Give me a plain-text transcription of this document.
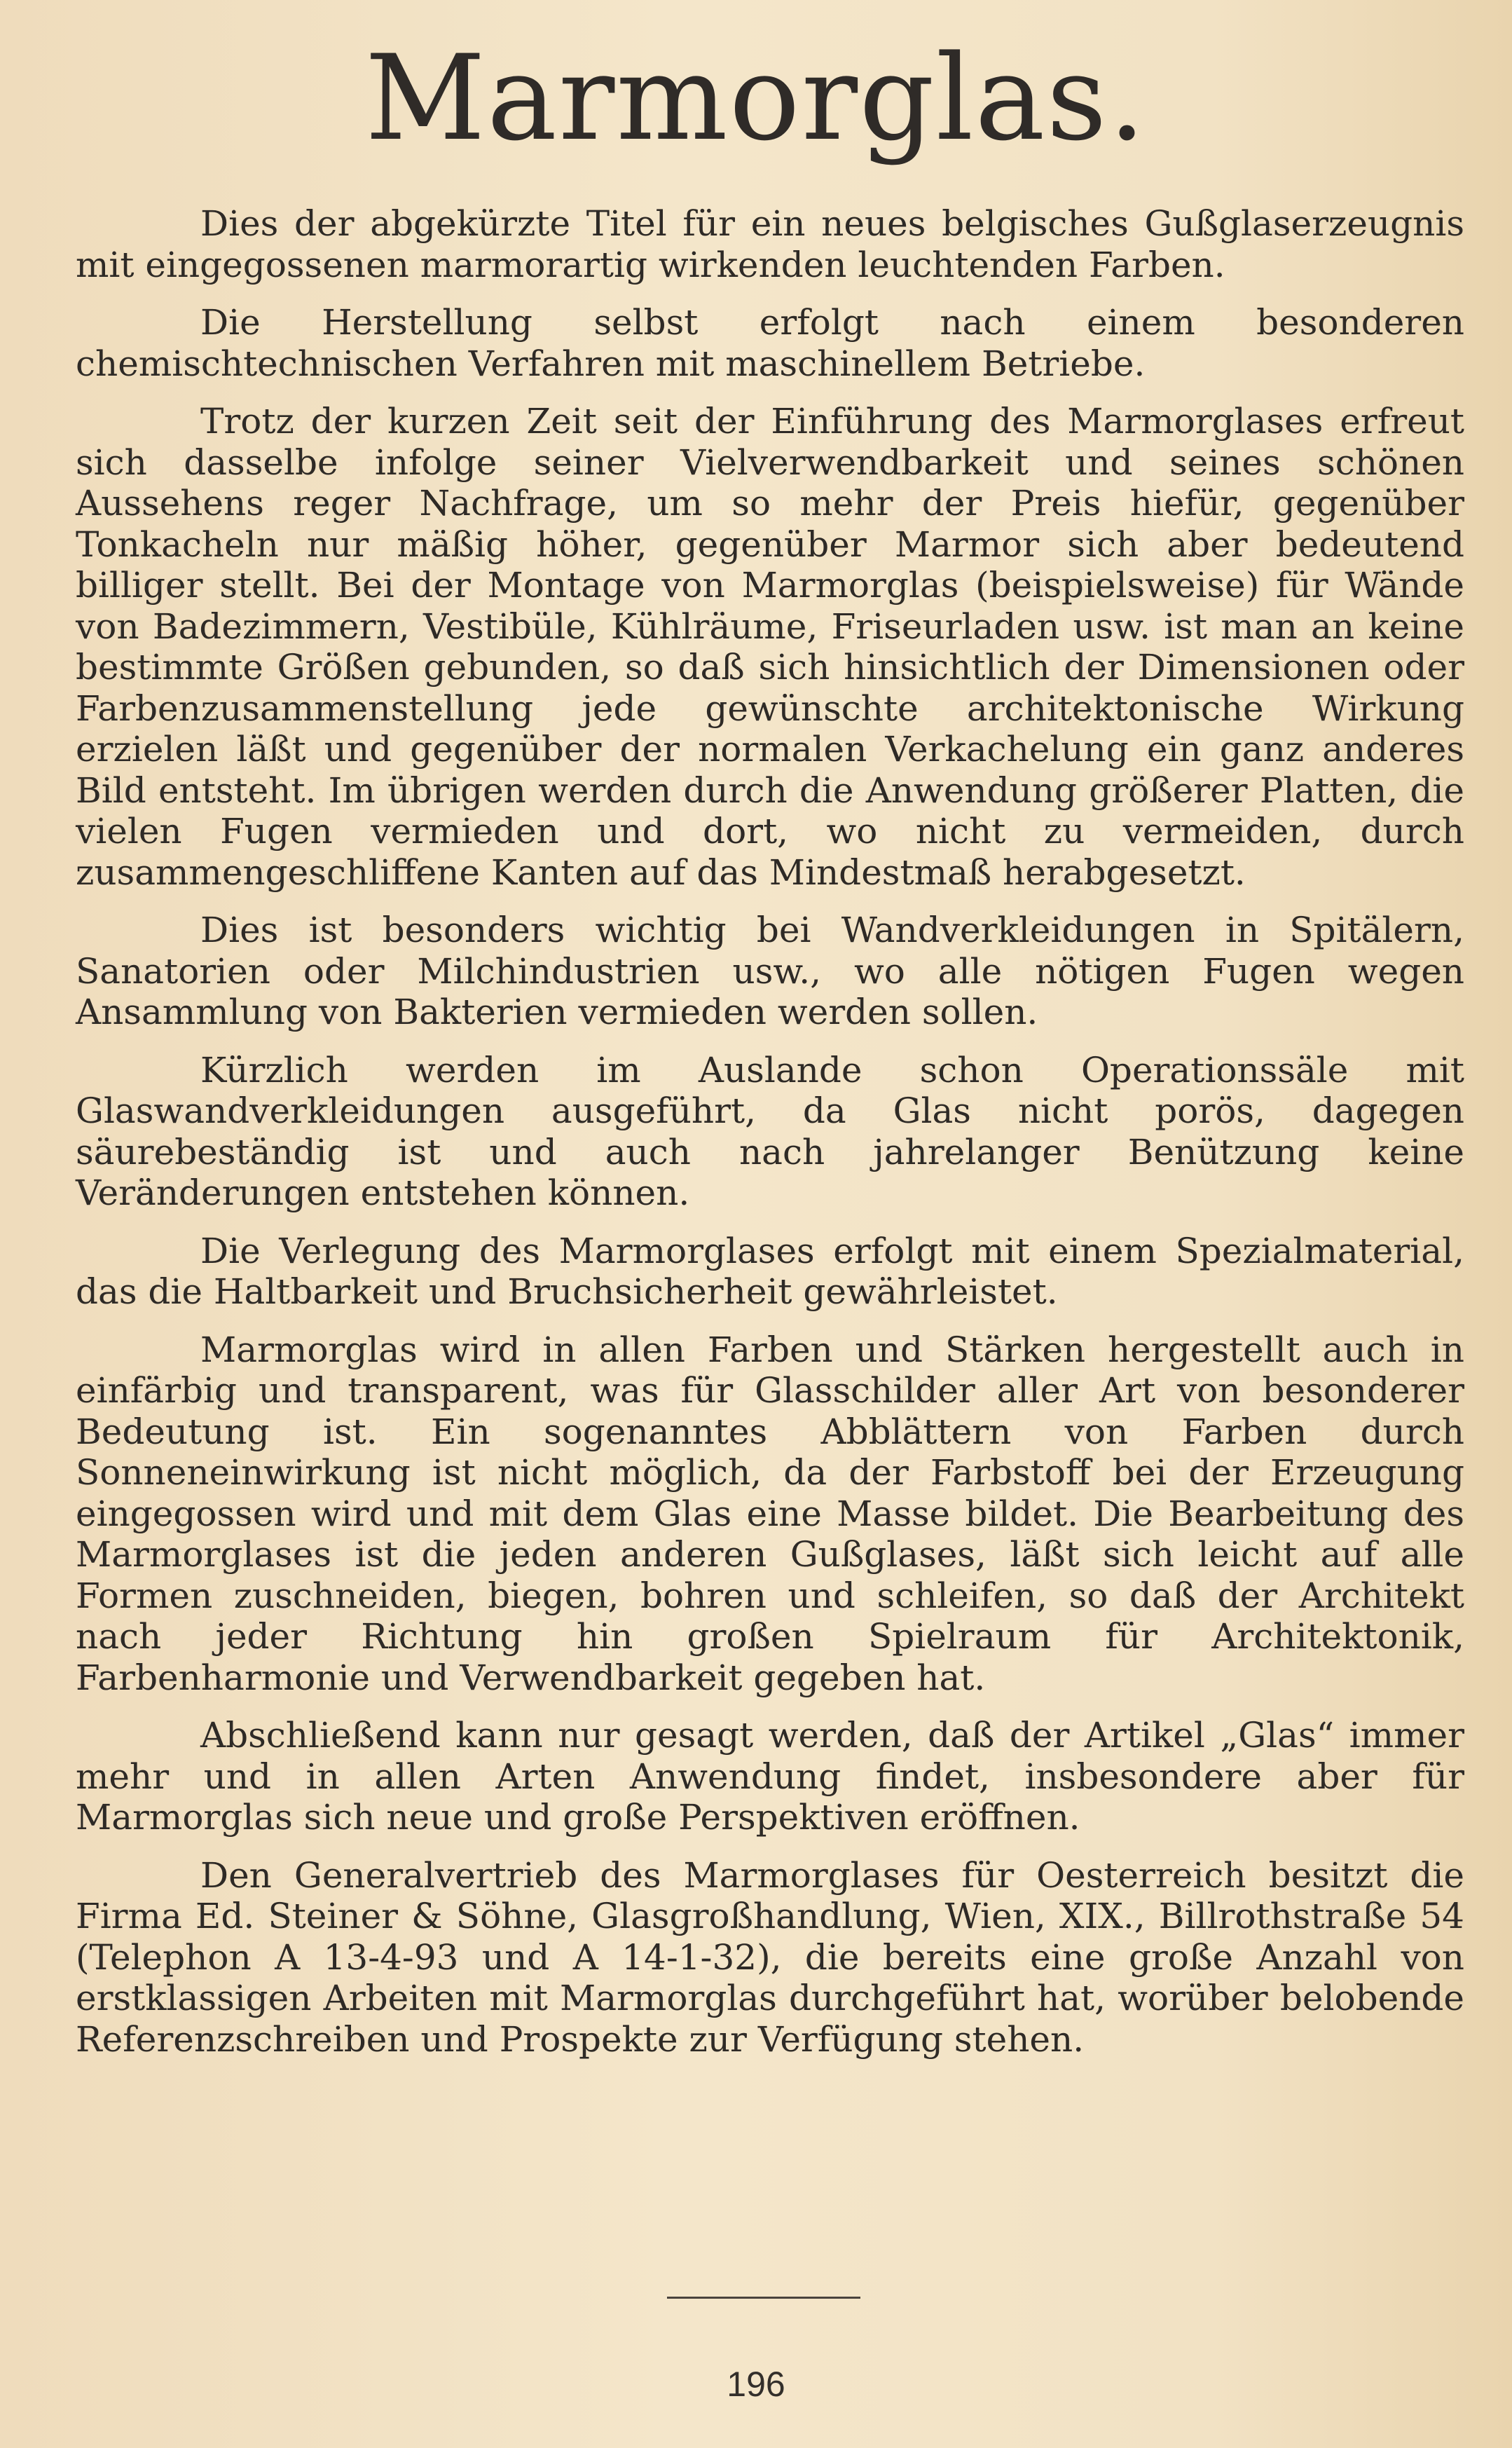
Marmorglas.

Dies der abgekürzte Titel für ein neues belgisches Gußglaserzeugnis mit eingegossenen marmorartig wirkenden leuchtenden Farben.

Die Herstellung selbst erfolgt nach einem besonderen chemischtechnischen Verfahren mit maschinellem Betriebe.

Trotz der kurzen Zeit seit der Einführung des Marmorglases erfreut sich dasselbe infolge seiner Vielverwendbarkeit und seines schönen Aussehens reger Nachfrage, um so mehr der Preis hiefür, gegenüber Tonkacheln nur mäßig höher, gegenüber Marmor sich aber bedeutend billiger stellt. Bei der Montage von Marmorglas (beispielsweise) für Wände von Badezimmern, Vestibüle, Kühlräume, Friseurladen usw. ist man an keine bestimmte Größen gebunden, so daß sich hinsichtlich der Dimensionen oder Farbenzusammenstellung jede gewünschte architektonische Wirkung erzielen läßt und gegenüber der normalen Verkachelung ein ganz anderes Bild entsteht. Im übrigen werden durch die Anwendung größerer Platten, die vielen Fugen vermieden und dort, wo nicht zu vermeiden, durch zusammengeschliffene Kanten auf das Mindestmaß herabgesetzt.

Dies ist besonders wichtig bei Wandverkleidungen in Spitälern, Sanatorien oder Milchindustrien usw., wo alle nötigen Fugen wegen Ansammlung von Bakterien vermieden werden sollen.

Kürzlich werden im Auslande schon Operationssäle mit Glaswandverkleidungen ausgeführt, da Glas nicht porös, dagegen säurebeständig ist und auch nach jahrelanger Benützung keine Veränderungen entstehen können.

Die Verlegung des Marmorglases erfolgt mit einem Spezialmaterial, das die Haltbarkeit und Bruchsicherheit gewährleistet.

Marmorglas wird in allen Farben und Stärken hergestellt auch in einfärbig und transparent, was für Glasschilder aller Art von besonderer Bedeutung ist. Ein sogenanntes Abblättern von Farben durch Sonneneinwirkung ist nicht möglich, da der Farbstoff bei der Erzeugung eingegossen wird und mit dem Glas eine Masse bildet. Die Bearbeitung des Marmorglases ist die jeden anderen Gußglases, läßt sich leicht auf alle Formen zuschneiden, biegen, bohren und schleifen, so daß der Architekt nach jeder Richtung hin großen Spielraum für Architektonik, Farbenharmonie und Verwendbarkeit gegeben hat.

Abschließend kann nur gesagt werden, daß der Artikel „Glas“ immer mehr und in allen Arten Anwendung findet, insbesondere aber für Marmorglas sich neue und große Perspektiven eröffnen.

Den Generalvertrieb des Marmorglases für Oesterreich besitzt die Firma Ed. Steiner & Söhne, Glasgroßhandlung, Wien, XIX., Billrothstraße 54 (Telephon A 13-4-93 und A 14-1-32), die bereits eine große Anzahl von erstklassigen Arbeiten mit Marmorglas durchgeführt hat, worüber belobende Referenzschreiben und Prospekte zur Verfügung stehen.

196
